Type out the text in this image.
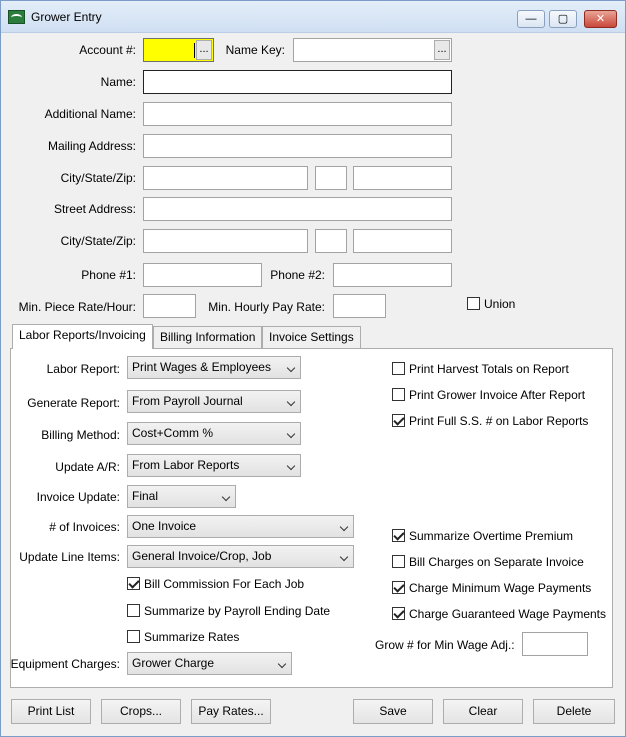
Grower Entry	—	▢	✕
Account #:	...	Name Key:	...
Name:
Additional Name:
Mailing Address:
City/State/Zip:
Street Address:
City/State/Zip:
Phone #1:	Phone #2:
Min. Piece Rate/Hour:	Min. Hourly Pay Rate:	Union
Labor Reports/Invoicing	Billing Information	Invoice Settings
Labor Report:	Print Wages & Employees
Generate Report:	From Payroll Journal
Billing Method:	Cost+Comm %
Update A/R:	From Labor Reports
Invoice Update:	Final
# of Invoices:	One Invoice
Update Line Items:	General Invoice/Crop, Job
Bill Commission For Each Job
Summarize by Payroll Ending Date
Summarize Rates
Equipment Charges:	Grower Charge
Print Harvest Totals on Report
Print Grower Invoice After Report
Print Full S.S. # on Labor Reports
Summarize Overtime Premium
Bill Charges on Separate Invoice
Charge Minimum Wage Payments
Charge Guaranteed Wage Payments
Grow # for Min Wage Adj.:
Print List	Crops...	Pay Rates...	Save	Clear	Delete
